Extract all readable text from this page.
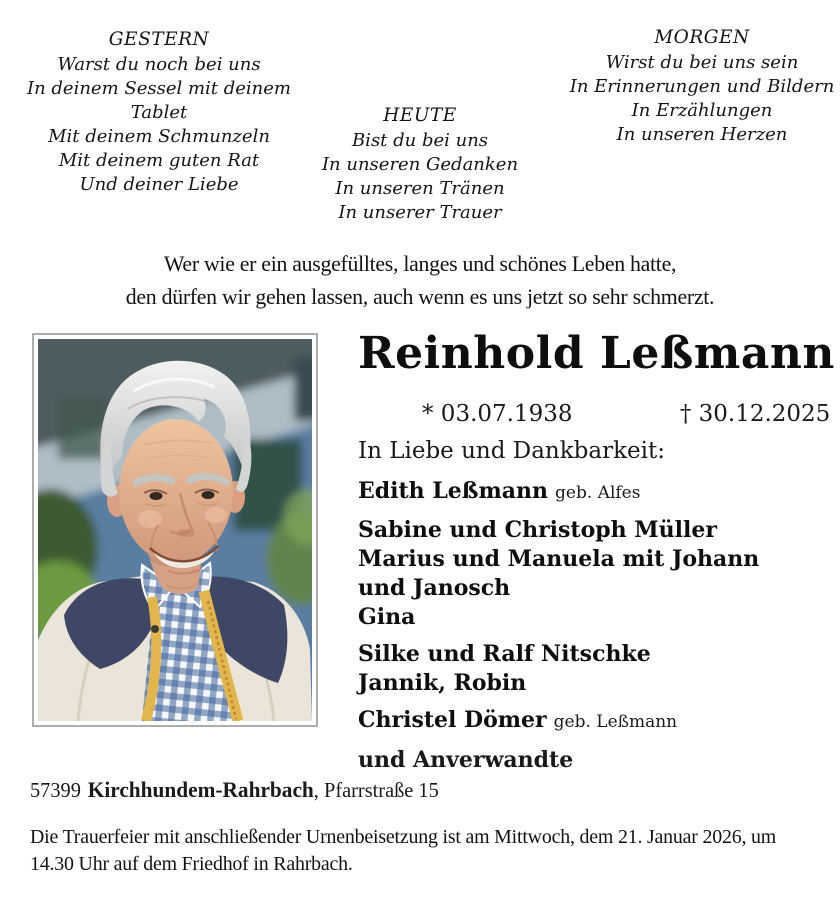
GESTERN
Warst du noch bei uns
In deinem Sessel mit deinem Tablet
Mit deinem Schmunzeln
Mit deinem guten Rat
Und deiner Liebe
HEUTE
Bist du bei uns
In unseren Gedanken
In unseren Tränen
In unserer Trauer
MORGEN
Wirst du bei uns sein
In Erinnerungen und Bildern
In Erzählungen
In unseren Herzen
Wer wie er ein ausgefülltes, langes und schönes Leben hatte,
den dürfen wir gehen lassen, auch wenn es uns jetzt so sehr schmerzt.
Reinhold Leßmann
* 03.07.1938	† 30.12.2025
In Liebe und Dankbarkeit:
Edith Leßmann geb. Alfes
Sabine und Christoph Müller
Marius und Manuela mit Johann und Janosch
Gina
Silke und Ralf Nitschke
Jannik, Robin
Christel Dömer geb. Leßmann
und Anverwandte
57399 Kirchhundem-Rahrbach, Pfarrstraße 15
Die Trauerfeier mit anschließender Urnenbeisetzung ist am Mittwoch, dem 21. Januar 2026, um 14.30 Uhr auf dem Friedhof in Rahrbach.
